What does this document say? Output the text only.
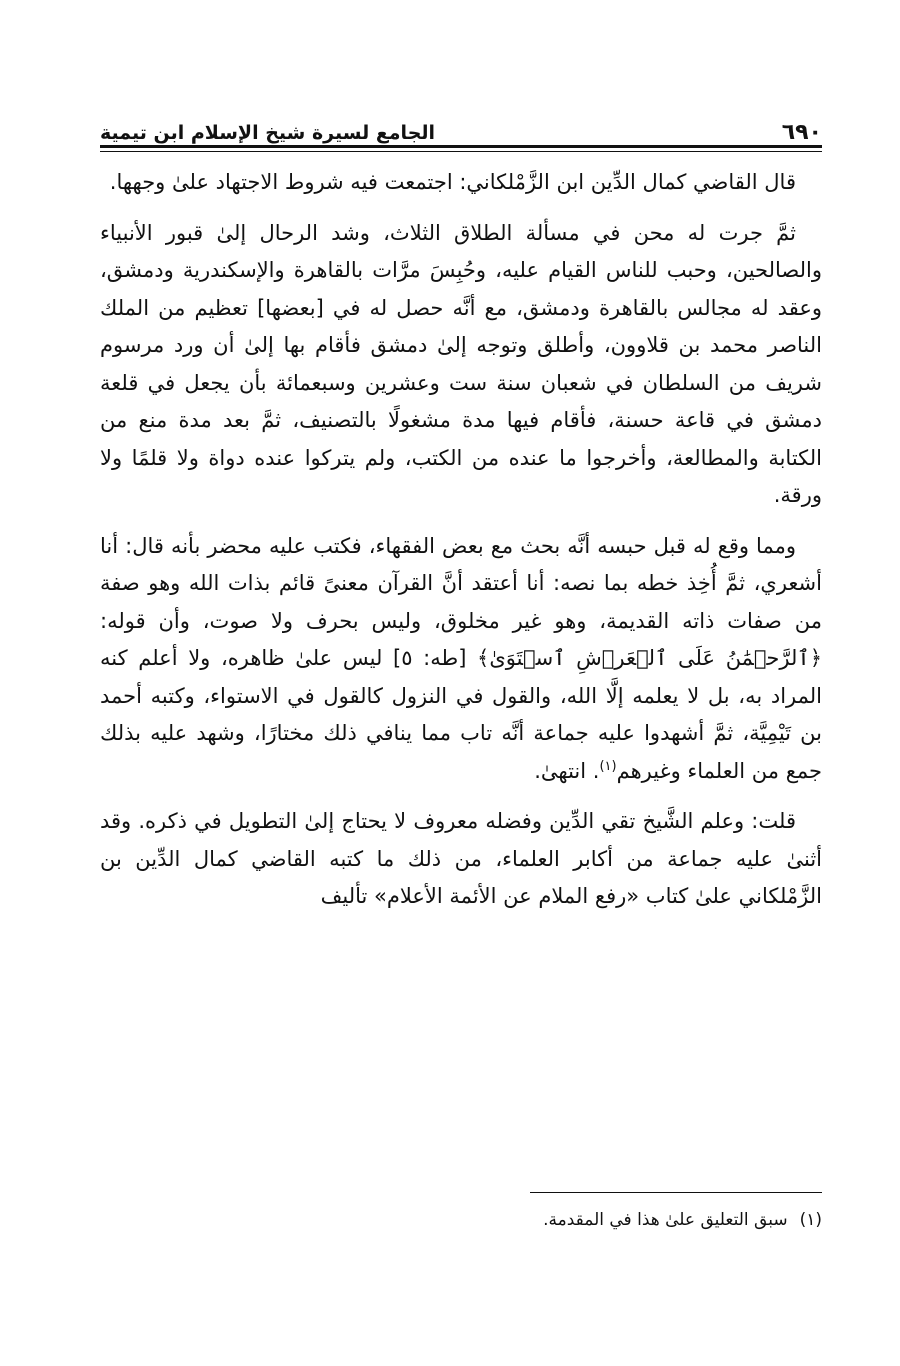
٦٩٠
الجامع لسيرة شيخ الإسلام ابن تيمية

قال القاضي كمال الدِّين ابن الزَّمْلكاني: اجتمعت فيه شروط الاجتهاد علىٰ وجهها.

ثمَّ جرت له محن في مسألة الطلاق الثلاث، وشد الرحال إلىٰ قبور الأنبياء والصالحين، وحبب للناس القيام عليه، وحُبِسَ مرَّات بالقاهرة والإسكندرية ودمشق، وعقد له مجالس بالقاهرة ودمشق، مع أنَّه حصل له في [بعضها] تعظيم من الملك الناصر محمد بن قلاوون، وأطلق وتوجه إلىٰ دمشق فأقام بها إلىٰ أن ورد مرسوم شريف من السلطان في شعبان سنة ست وعشرين وسبعمائة بأن يجعل في قلعة دمشق في قاعة حسنة، فأقام فيها مدة مشغولًا بالتصنيف، ثمَّ بعد مدة منع من الكتابة والمطالعة، وأخرجوا ما عنده من الكتب، ولم يتركوا عنده دواة ولا قلمًا ولا ورقة.

ومما وقع له قبل حبسه أنَّه بحث مع بعض الفقهاء، فكتب عليه محضر بأنه قال: أنا أشعري، ثمَّ أُخِذ خطه بما نصه: أنا أعتقد أنَّ القرآن معنىً قائم بذات الله وهو صفة من صفات ذاته القديمة، وهو غير مخلوق، وليس بحرف ولا صوت، وأن قوله: ﴿ٱلرَّحۡمَٰنُ عَلَى ٱلۡعَرۡشِ ٱسۡتَوَىٰ﴾ [طه: ٥] ليس علىٰ ظاهره، ولا أعلم كنه المراد به، بل لا يعلمه إلَّا الله، والقول في النزول كالقول في الاستواء، وكتبه أحمد بن تَيْمِيَّة، ثمَّ أشهدوا عليه جماعة أنَّه تاب مما ينافي ذلك مختارًا، وشهد عليه بذلك جمع من العلماء وغيرهم$^{(١)}$. انتهىٰ.

قلت: وعلم الشَّيخ تقي الدِّين وفضله معروف لا يحتاج إلىٰ التطويل في ذكره. وقد أثنىٰ عليه جماعة من أكابر العلماء، من ذلك ما كتبه القاضي كمال الدِّين بن الزَّمْلكاني علىٰ كتاب «رفع الملام عن الأئمة الأعلام» تأليف

(١)سبق التعليق علىٰ هذا في المقدمة.
